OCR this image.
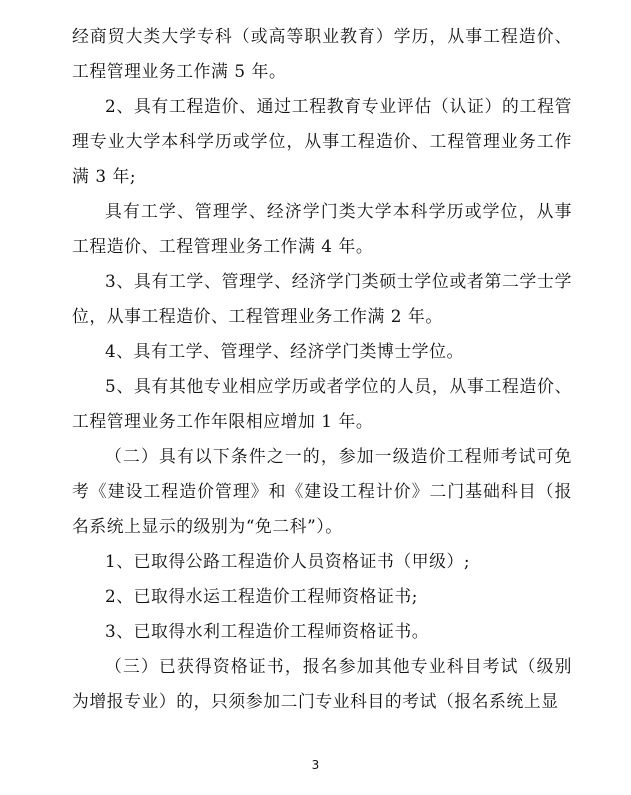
经商贸大类大学专科（或高等职业教育）学历，从事工程造价、工程管理业务工作满 5 年。

2、具有工程造价、通过工程教育专业评估（认证）的工程管理专业大学本科学历或学位，从事工程造价、工程管理业务工作满 3 年;

具有工学、管理学、经济学门类大学本科学历或学位，从事工程造价、工程管理业务工作满 4 年。

3、具有工学、管理学、经济学门类硕士学位或者第二学士学位，从事工程造价、工程管理业务工作满 2 年。

4、具有工学、管理学、经济学门类博士学位。

5、具有其他专业相应学历或者学位的人员，从事工程造价、工程管理业务工作年限相应增加 1 年。

（二）具有以下条件之一的，参加一级造价工程师考试可免考《建设工程造价管理》和《建设工程计价》二门基础科目（报名系统上显示的级别为“免二科”）。

1、已取得公路工程造价人员资格证书（甲级）;

2、已取得水运工程造价工程师资格证书;

3、已取得水利工程造价工程师资格证书。

（三）已获得资格证书，报名参加其他专业科目考试（级别为增报专业）的，只须参加二门专业科目的考试（报名系统上显

3
